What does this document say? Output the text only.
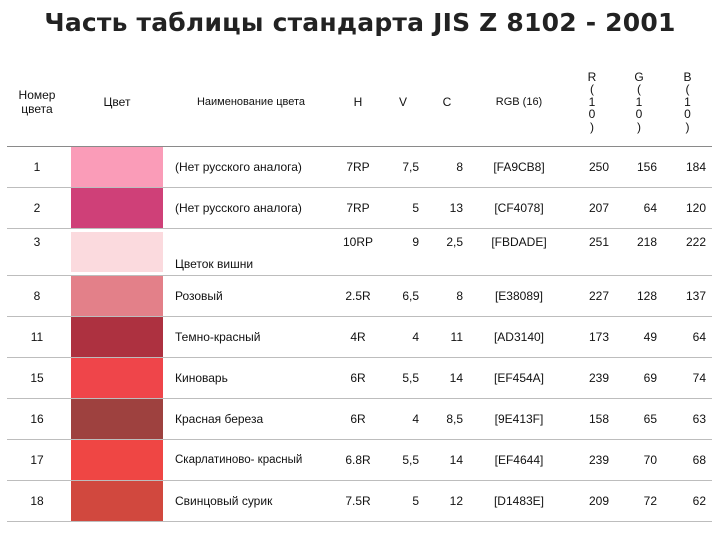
Часть таблицы стандарта JIS Z 8102 - 2001
Номер
цвета	Цвет	Наименование цвета	H	V	C	RGB (16)	R
(
1
0
)	G
(
1
0
)	B
(
1
0
)

1		(Нет русского аналога)	7RP	7,5	8	[FA9CB8]	250	156	184
2		(Нет русского аналога)	7RP	5	13	[CF4078]	207	64	120
3		Цветок вишни	10RP	9	2,5	[FBDADE]	251	218	222
8		Розовый	2.5R	6,5	8	[E38089]	227	128	137
11		Темно-красный	4R	4	11	[AD3140]	173	49	64
15		Киноварь	6R	5,5	14	[EF454A]	239	69	74
16		Красная береза	6R	4	8,5	[9E413F]	158	65	63
17		Скарлатиново- красный	6.8R	5,5	14	[EF4644]	239	70	68
18		Свинцовый сурик	7.5R	5	12	[D1483E]	209	72	62
